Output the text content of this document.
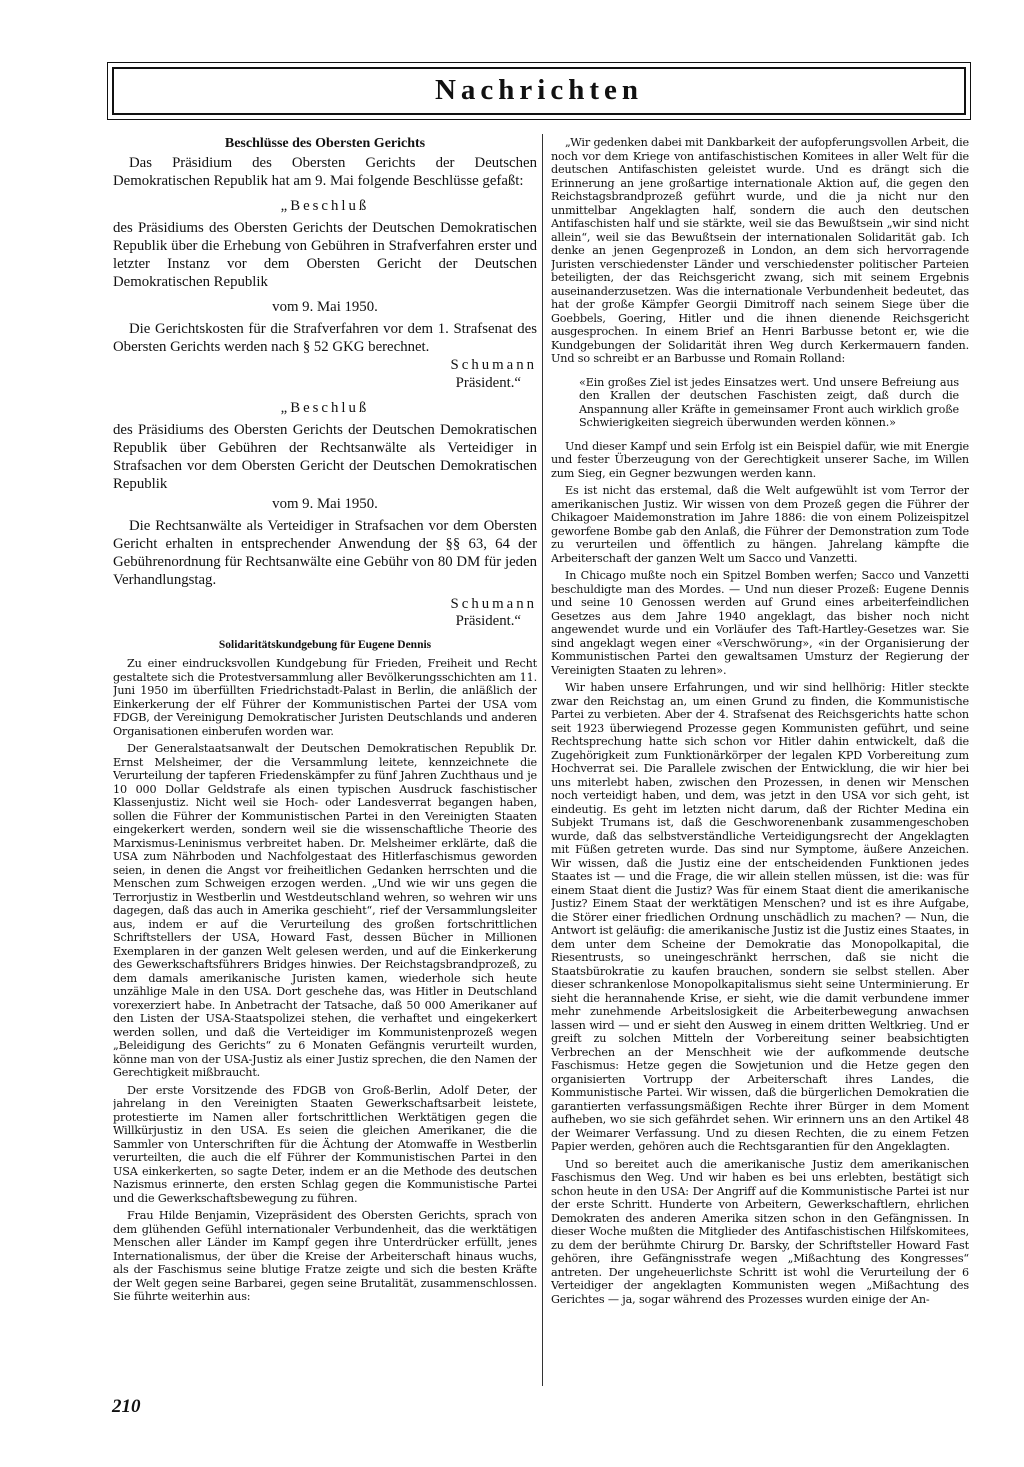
Nachrichten
Beschlüsse des Obersten Gerichts

Das Präsidium des Obersten Gerichts der Deutschen Demokratischen Republik hat am 9. Mai folgende Beschlüsse gefaßt:

„Beschluß

des Präsidiums des Obersten Gerichts der Deutschen Demokratischen Republik über die Erhebung von Gebühren in Strafverfahren erster und letzter Instanz vor dem Obersten Gericht der Deutschen Demokratischen Republik

vom 9. Mai 1950.

Die Gerichtskosten für die Strafverfahren vor dem 1. Strafsenat des Obersten Gerichts werden nach § 52 GKG berechnet.

Schumann
Präsident.“

„Beschluß

des Präsidiums des Obersten Gerichts der Deutschen Demokratischen Republik über Gebühren der Rechtsanwälte als Verteidiger in Strafsachen vor dem Obersten Gericht der Deutschen Demokratischen Republik

vom 9. Mai 1950.

Die Rechtsanwälte als Verteidiger in Strafsachen vor dem Obersten Gericht erhalten in entsprechender Anwendung der §§ 63, 64 der Gebührenordnung für Rechtsanwälte eine Gebühr von 80 DM für jeden Verhandlungstag.

Schumann
Präsident.“
Solidaritätskundgebung für Eugene Dennis

Zu einer eindrucksvollen Kundgebung für Frieden, Freiheit und Recht gestaltete sich die Protestversammlung aller Bevölkerungsschichten am 11. Juni 1950 im überfüllten Friedrichstadt-Palast in Berlin, die anläßlich der Einkerkerung der elf Führer der Kommunistischen Partei der USA vom FDGB, der Vereinigung Demokratischer Juristen Deutschlands und anderen Organisationen einberufen worden war.

Der Generalstaatsanwalt der Deutschen Demokratischen Republik Dr. Ernst Melsheimer, der die Versammlung leitete, kennzeichnete die Verurteilung der tapferen Friedenskämpfer zu fünf Jahren Zuchthaus und je 10 000 Dollar Geldstrafe als einen typischen Ausdruck faschistischer Klassenjustiz. Nicht weil sie Hoch- oder Landesverrat begangen haben, sollen die Führer der Kommunistischen Partei in den Vereinigten Staaten eingekerkert werden, sondern weil sie die wissenschaftliche Theorie des Marxismus-Leninismus verbreitet haben. Dr. Melsheimer erklärte, daß die USA zum Nährboden und Nachfolgestaat des Hitlerfaschismus geworden seien, in denen die Angst vor freiheitlichen Gedanken herrschten und die Menschen zum Schweigen erzogen werden. „Und wie wir uns gegen die Terrorjustiz in Westberlin und Westdeutschland wehren, so wehren wir uns dagegen, daß das auch in Amerika geschieht“, rief der Versammlungsleiter aus, indem er auf die Verurteilung des großen fortschrittlichen Schriftstellers der USA, Howard Fast, dessen Bücher in Millionen Exemplaren in der ganzen Welt gelesen werden, und auf die Einkerkerung des Gewerkschaftsführers Bridges hinwies. Der Reichstagsbrandprozeß, zu dem damals amerikanische Juristen kamen, wiederhole sich heute unzählige Male in den USA. Dort geschehe das, was Hitler in Deutschland vorexerziert habe. In Anbetracht der Tatsache, daß 50 000 Amerikaner auf den Listen der USA-Staatspolizei stehen, die verhaftet und eingekerkert werden sollen, und daß die Verteidiger im Kommunistenprozeß wegen „Beleidigung des Gerichts“ zu 6 Monaten Gefängnis verurteilt wurden, könne man von der USA-Justiz als einer Justiz sprechen, die den Namen der Gerechtigkeit mißbraucht.

Der erste Vorsitzende des FDGB von Groß-Berlin, Adolf Deter, der jahrelang in den Vereinigten Staaten Gewerkschaftsarbeit leistete, protestierte im Namen aller fortschrittlichen Werktätigen gegen die Willkürjustiz in den USA. Es seien die gleichen Amerikaner, die die Sammler von Unterschriften für die Ächtung der Atomwaffe in Westberlin verurteilten, die auch die elf Führer der Kommunistischen Partei in den USA einkerkerten, so sagte Deter, indem er an die Methode des deutschen Nazismus erinnerte, den ersten Schlag gegen die Kommunistische Partei und die Gewerkschaftsbewegung zu führen.

Frau Hilde Benjamin, Vizepräsident des Obersten Gerichts, sprach von dem glühenden Gefühl internationaler Verbundenheit, das die werktätigen Menschen aller Länder im Kampf gegen ihre Unterdrücker erfüllt, jenes Internationalismus, der über die Kreise der Arbeiterschaft hinaus wuchs, als der Faschismus seine blutige Fratze zeigte und sich die besten Kräfte der Welt gegen seine Barbarei, gegen seine Brutalität, zusammenschlossen. Sie führte weiterhin aus:

„Wir gedenken dabei mit Dankbarkeit der aufopferungsvollen Arbeit, die noch vor dem Kriege von antifaschistischen Komitees in aller Welt für die deutschen Antifaschisten geleistet wurde. Und es drängt sich die Erinnerung an jene großartige internationale Aktion auf, die gegen den Reichstagsbrandprozeß geführt wurde, und die ja nicht nur den unmittelbar Angeklagten half, sondern die auch den deutschen Antifaschisten half und sie stärkte, weil sie das Bewußtsein „wir sind nicht allein“, weil sie das Bewußtsein der internationalen Solidarität gab. Ich denke an jenen Gegenprozeß in London, an dem sich hervorragende Juristen verschiedenster Länder und verschiedenster politischer Parteien beteiligten, der das Reichsgericht zwang, sich mit seinem Ergebnis auseinanderzusetzen. Was die internationale Verbundenheit bedeutet, das hat der große Kämpfer Georgii Dimitroff nach seinem Siege über die Goebbels, Goering, Hitler und die ihnen dienende Reichsgericht ausgesprochen. In einem Brief an Henri Barbusse betont er, wie die Kundgebungen der Solidarität ihren Weg durch Kerkermauern fanden. Und so schreibt er an Barbusse und Romain Rolland:

«Ein großes Ziel ist jedes Einsatzes wert. Und unsere Befreiung aus den Krallen der deutschen Faschisten zeigt, daß durch die Anspannung aller Kräfte in gemeinsamer Front auch wirklich große Schwierigkeiten siegreich überwunden werden können.»

Und dieser Kampf und sein Erfolg ist ein Beispiel dafür, wie mit Energie und fester Überzeugung von der Gerechtigkeit unserer Sache, im Willen zum Sieg, ein Gegner bezwungen werden kann.

Es ist nicht das erstemal, daß die Welt aufgewühlt ist vom Terror der amerikanischen Justiz. Wir wissen von dem Prozeß gegen die Führer der Chikagoer Maidemonstration im Jahre 1886: die von einem Polizeispitzel geworfene Bombe gab den Anlaß, die Führer der Demonstration zum Tode zu verurteilen und öffentlich zu hängen. Jahrelang kämpfte die Arbeiterschaft der ganzen Welt um Sacco und Vanzetti.

In Chicago mußte noch ein Spitzel Bomben werfen; Sacco und Vanzetti beschuldigte man des Mordes. — Und nun dieser Prozeß: Eugene Dennis und seine 10 Genossen werden auf Grund eines arbeiterfeindlichen Gesetzes aus dem Jahre 1940 angeklagt, das bisher noch nicht angewendet wurde und ein Vorläufer des Taft-Hartley-Gesetzes war. Sie sind angeklagt wegen einer «Verschwörung», «in der Organisierung der Kommunistischen Partei den gewaltsamen Umsturz der Regierung der Vereinigten Staaten zu lehren».

Wir haben unsere Erfahrungen, und wir sind hellhörig: Hitler steckte zwar den Reichstag an, um einen Grund zu finden, die Kommunistische Partei zu verbieten. Aber der 4. Strafsenat des Reichsgerichts hatte schon seit 1923 überwiegend Prozesse gegen Kommunisten geführt, und seine Rechtsprechung hatte sich schon vor Hitler dahin entwickelt, daß die Zugehörigkeit zum Funktionärkörper der legalen KPD Vorbereitung zum Hochverrat sei. Die Parallele zwischen der Entwicklung, die wir hier bei uns miterlebt haben, zwischen den Prozessen, in denen wir Menschen noch verteidigt haben, und dem, was jetzt in den USA vor sich geht, ist eindeutig. Es geht im letzten nicht darum, daß der Richter Medina ein Subjekt Trumans ist, daß die Geschworenenbank zusammengeschoben wurde, daß das selbstverständliche Verteidigungsrecht der Angeklagten mit Füßen getreten wurde. Das sind nur Symptome, äußere Anzeichen. Wir wissen, daß die Justiz eine der entscheidenden Funktionen jedes Staates ist — und die Frage, die wir allein stellen müssen, ist die: was für einem Staat dient die Justiz? Was für einem Staat dient die amerikanische Justiz? Einem Staat der werktätigen Menschen? und ist es ihre Aufgabe, die Störer einer friedlichen Ordnung unschädlich zu machen? — Nun, die Antwort ist geläufig: die amerikanische Justiz ist die Justiz eines Staates, in dem unter dem Scheine der Demokratie das Monopolkapital, die Riesentrusts, so uneingeschränkt herrschen, daß sie nicht die Staatsbürokratie zu kaufen brauchen, sondern sie selbst stellen. Aber dieser schrankenlose Monopolkapitalismus sieht seine Unterminierung. Er sieht die herannahende Krise, er sieht, wie die damit verbundene immer mehr zunehmende Arbeitslosigkeit die Arbeiterbewegung anwachsen lassen wird — und er sieht den Ausweg in einem dritten Weltkrieg. Und er greift zu solchen Mitteln der Vorbereitung seiner beabsichtigten Verbrechen an der Menschheit wie der aufkommende deutsche Faschismus: Hetze gegen die Sowjetunion und die Hetze gegen den organisierten Vortrupp der Arbeiterschaft ihres Landes, die Kommunistische Partei. Wir wissen, daß die bürgerlichen Demokratien die garantierten verfassungsmäßigen Rechte ihrer Bürger in dem Moment aufheben, wo sie sich gefährdet sehen. Wir erinnern uns an den Artikel 48 der Weimarer Verfassung. Und zu diesen Rechten, die zu einem Fetzen Papier werden, gehören auch die Rechtsgarantien für den Angeklagten.

Und so bereitet auch die amerikanische Justiz dem amerikanischen Faschismus den Weg. Und wir haben es bei uns erlebten, bestätigt sich schon heute in den USA: Der Angriff auf die Kommunistische Partei ist nur der erste Schritt. Hunderte von Arbeitern, Gewerkschaftlern, ehrlichen Demokraten des anderen Amerika sitzen schon in den Gefängnissen. In dieser Woche mußten die Mitglieder des Antifaschistischen Hilfskomitees, zu dem der berühmte Chirurg Dr. Barsky, der Schriftsteller Howard Fast gehören, ihre Gefängnisstrafe wegen „Mißachtung des Kongresses“ antreten. Der ungeheuerlichste Schritt ist wohl die Verurteilung der 6 Verteidiger der angeklagten Kommunisten wegen „Mißachtung des Gerichtes — ja, sogar während des Prozesses wurden einige der An-

210
